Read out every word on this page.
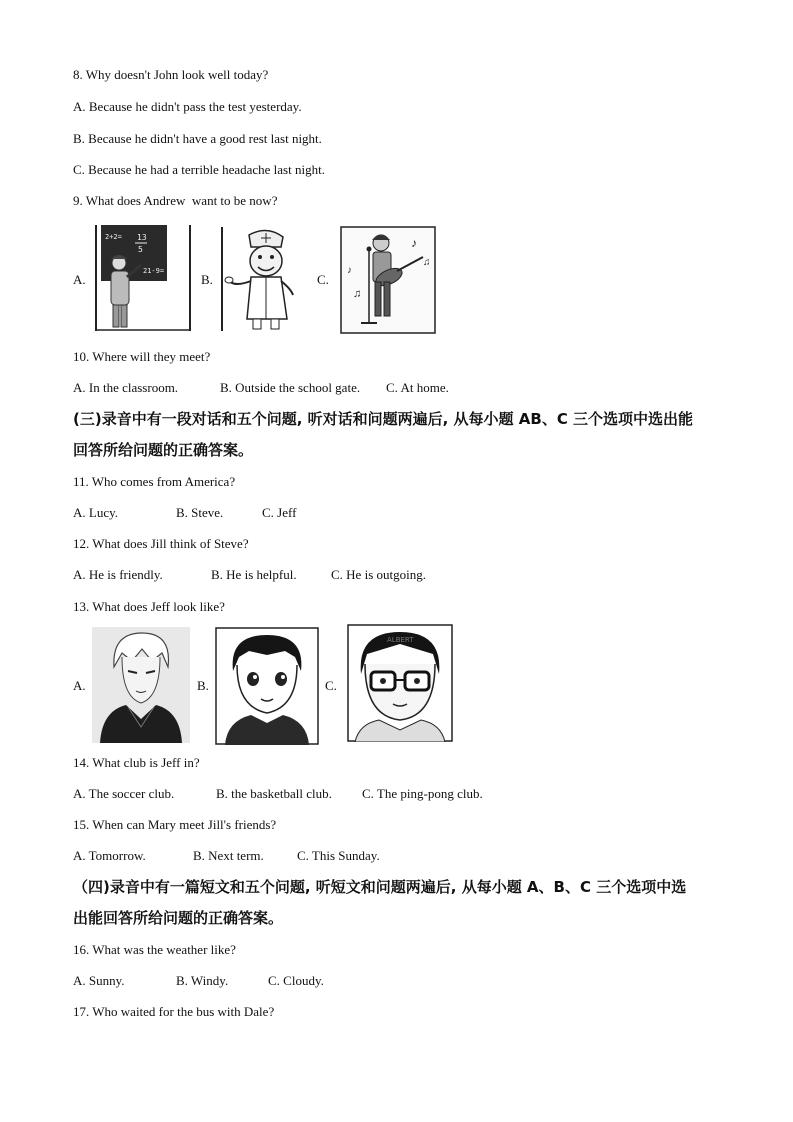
8. Why doesn't John look well today?
A. Because he didn't pass the test yesterday.
B. Because he didn't have a good rest last night.
C. Because he had a terrible headache last night.
9. What does Andrew  want to be now?
A.
2+2= 13
5
21-9=
B.	C.
♪
♫
♪
♫
10. Where will they meet?
A. In the classroom.	B. Outside the school gate. C. At home.
(三)录音中有一段对话和五个问题, 听对话和问题两遍后, 从每小题 AB、C 三个选项中选出能
回答所给问题的正确答案。
11. Who comes from America?
A. Lucy.	B. Steve.	C. Jeff
12. What does Jill think of Steve?
A. He is friendly.	B. He is helpful.	C. He is outgoing.
13. What does Jeff look like?
A.	B.	C.
ALBERT
14. What club is Jeff in?
A. The soccer club.	B. the basketball club. C. The ping-pong club.
15. When can Mary meet Jill's friends?
A. Tomorrow.	B. Next term.	C. This Sunday.
（四)录音中有一篇短文和五个问题, 听短文和问题两遍后, 从每小题 A、B、C 三个选项中选
出能回答所给问题的正确答案。
16. What was the weather like?
A. Sunny.	B. Windy.	C. Cloudy.
17. Who waited for the bus with Dale?
